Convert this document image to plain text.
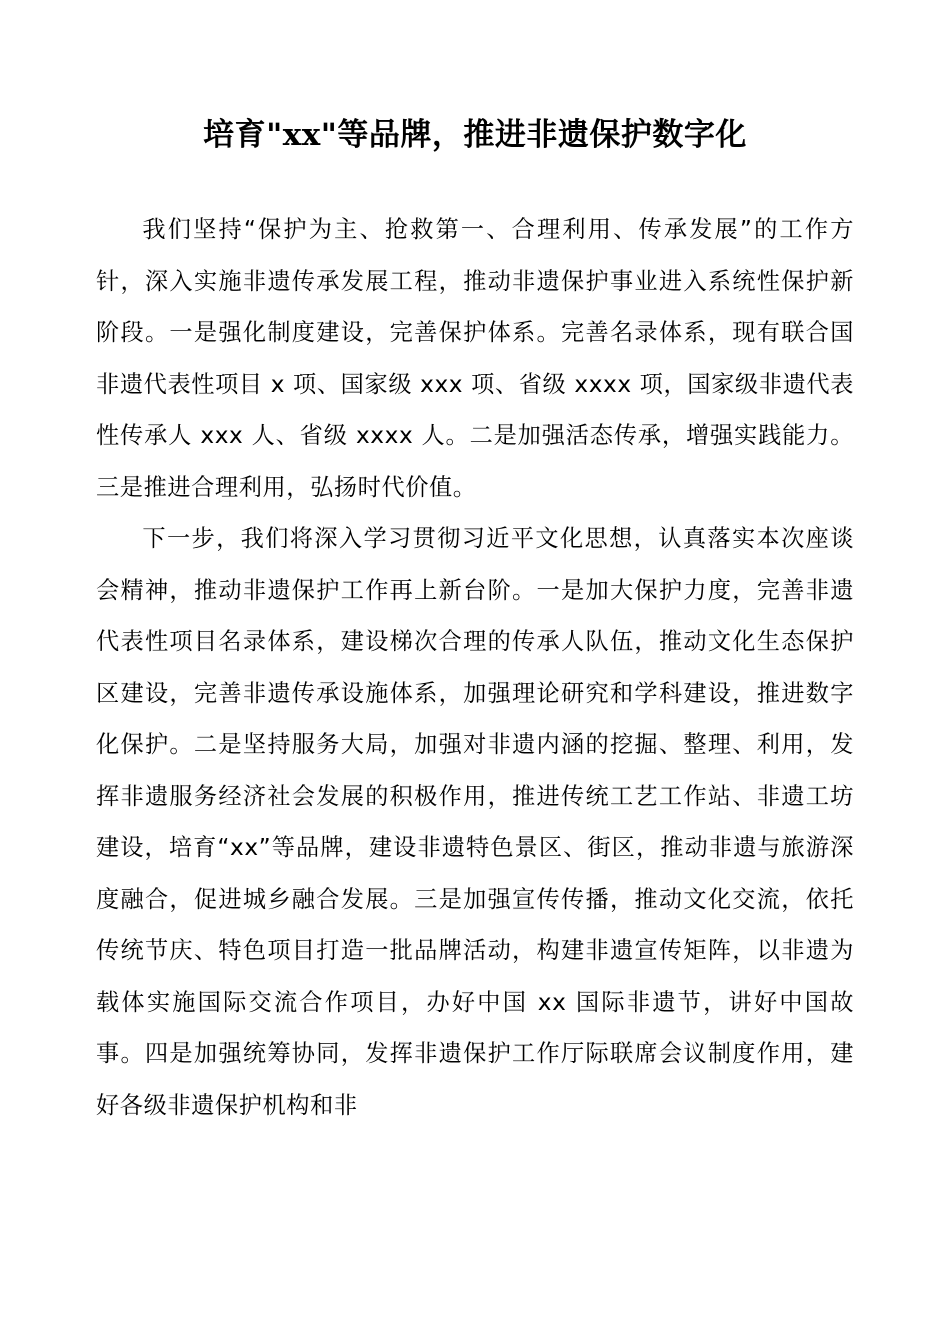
培育"xx"等品牌，推进非遗保护数字化

我们坚持“保护为主、抢救第一、合理利用、传承发展”的工作方针，深入实施非遗传承发展工程，推动非遗保护事业进入系统性保护新阶段。一是强化制度建设，完善保护体系。完善名录体系，现有联合国非遗代表性项目 x 项、国家级 xxx 项、省级 xxxx 项，国家级非遗代表性传承人 xxx 人、省级 xxxx 人。二是加强活态传承，增强实践能力。三是推进合理利用，弘扬时代价值。

下一步，我们将深入学习贯彻习近平文化思想，认真落实本次座谈会精神，推动非遗保护工作再上新台阶。一是加大保护力度，完善非遗代表性项目名录体系，建设梯次合理的传承人队伍，推动文化生态保护区建设，完善非遗传承设施体系，加强理论研究和学科建设，推进数字化保护。二是坚持服务大局，加强对非遗内涵的挖掘、整理、利用，发挥非遗服务经济社会发展的积极作用，推进传统工艺工作站、非遗工坊建设，培育“xx”等品牌，建设非遗特色景区、街区，推动非遗与旅游深度融合，促进城乡融合发展。三是加强宣传传播，推动文化交流，依托传统节庆、特色项目打造一批品牌活动，构建非遗宣传矩阵，以非遗为载体实施国际交流合作项目，办好中国 xx 国际非遗节，讲好中国故事。四是加强统筹协同，发挥非遗保护工作厅际联席会议制度作用，建好各级非遗保护机构和非
